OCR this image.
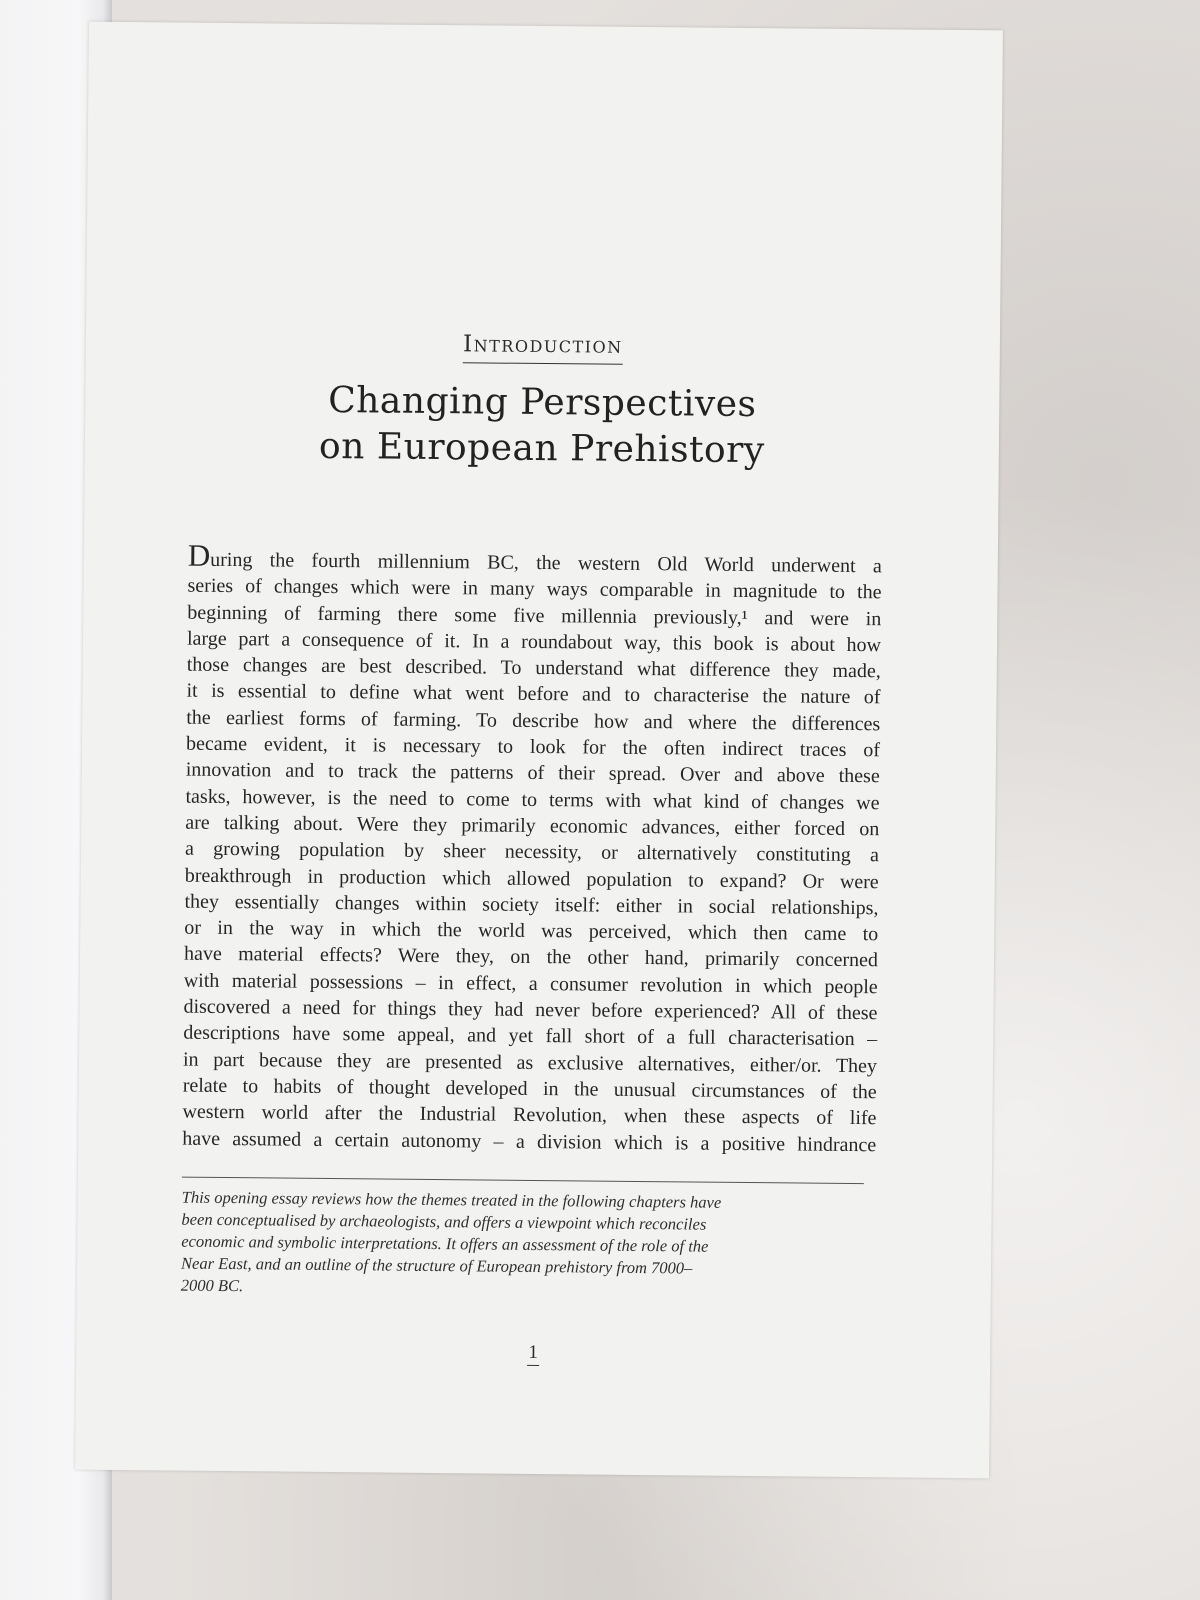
Introduction
Changing Perspectives
on European Prehistory
During the fourth millennium BC, the western Old World underwent a
series of changes which were in many ways comparable in magnitude to the
beginning of farming there some five millennia previously,¹ and were in
large part a consequence of it. In a roundabout way, this book is about how
those changes are best described. To understand what difference they made,
it is essential to define what went before and to characterise the nature of
the earliest forms of farming. To describe how and where the differences
became evident, it is necessary to look for the often indirect traces of
innovation and to track the patterns of their spread. Over and above these
tasks, however, is the need to come to terms with what kind of changes we
are talking about. Were they primarily economic advances, either forced on
a growing population by sheer necessity, or alternatively constituting a
breakthrough in production which allowed population to expand? Or were
they essentially changes within society itself: either in social relationships,
or in the way in which the world was perceived, which then came to
have material effects? Were they, on the other hand, primarily concerned
with material possessions – in effect, a consumer revolution in which people
discovered a need for things they had never before experienced? All of these
descriptions have some appeal, and yet fall short of a full characterisation –
in part because they are presented as exclusive alternatives, either/or. They
relate to habits of thought developed in the unusual circumstances of the
western world after the Industrial Revolution, when these aspects of life
have assumed a certain autonomy – a division which is a positive hindrance
This opening essay reviews how the themes treated in the following chapters have
been conceptualised by archaeologists, and offers a viewpoint which reconciles
economic and symbolic interpretations. It offers an assessment of the role of the
Near East, and an outline of the structure of European prehistory from 7000–
2000 BC.
1
